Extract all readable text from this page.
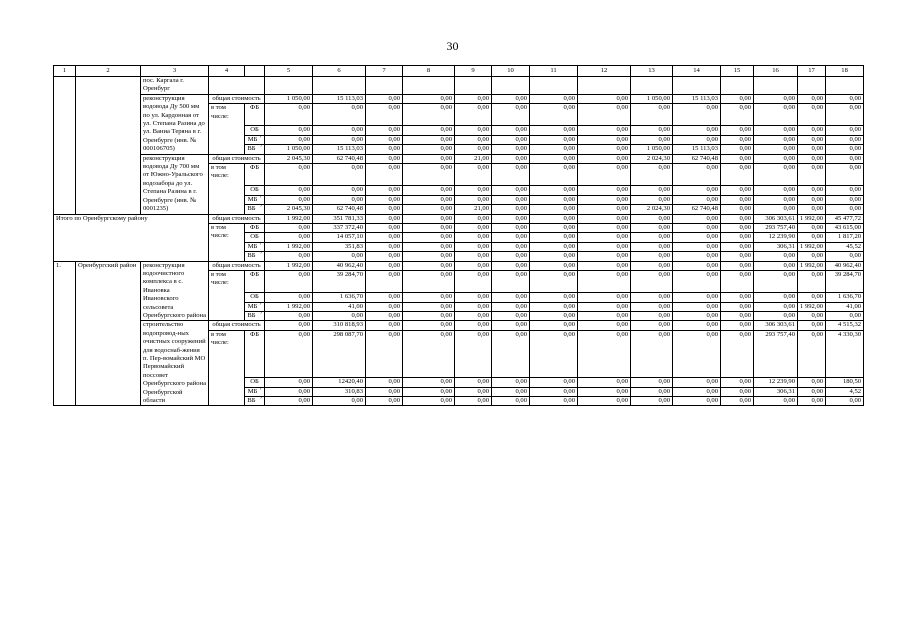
30
1	2	3	4		5	6	7	8	9	10	11	12	13	14	15	16	17	18
		пос. Каргала г. Оренбург																
		реконструкция водовода Ду 500 мм по ул. Кардонная от ул. Степана Разина до ул. Ваниа Теряна в г. Оренбурге (инв. № 000106705)	общая стоимость		1 050,00	15 113,03	0,00	0,00	0,00	0,00	0,00	0,00	1 050,00	15 113,03	0,00	0,00	0,00	0,00
			в том числе:	ФБ	0,00	0,00	0,00	0,00	0,00	0,00	0,00	0,00	0,00	0,00	0,00	0,00	0,00	0,00
				ОБ	0,00	0,00	0,00	0,00	0,00	0,00	0,00	0,00	0,00	0,00	0,00	0,00	0,00	0,00
				МБ*)	0,00	0,00	0,00	0,00	0,00	0,00	0,00	0,00	0,00	0,00	0,00	0,00	0,00	0,00
				ВБ**)	1 050,00	15 113,03	0,00	0,00	0,00	0,00	0,00	0,00	1 050,00	15 113,03	0,00	0,00	0,00	0,00
		реконструкция водовода Ду 700 мм от Южно-Уральского водозабора до ул. Степана Разина в г. Оренбурге (инв. № 0001235)	общая стоимость		2 045,30	62 740,48	0,00	0,00	21,00	0,00	0,00	0,00	2 024,30	62 740,48	0,00	0,00	0,00	0,00
			в том числе:	ФБ	0,00	0,00	0,00	0,00	0,00	0,00	0,00	0,00	0,00	0,00	0,00	0,00	0,00	0,00
				ОБ	0,00	0,00	0,00	0,00	0,00	0,00	0,00	0,00	0,00	0,00	0,00	0,00	0,00	0,00
				МБ*)	0,00	0,00	0,00	0,00	0,00	0,00	0,00	0,00	0,00	0,00	0,00	0,00	0,00	0,00
				ВБ**)	2 045,30	62 740,48	0,00	0,00	21,00	0,00	0,00	0,00	2 024,30	62 740,48	0,00	0,00	0,00	0,00
Итого по Оренбургскому району			общая стоимость		1 992,00	351 781,33	0,00	0,00	0,00	0,00	0,00	0,00	0,00	0,00	0,00	306 303,61	1 992,00	45 477,72
			в том числе:	ФБ	0,00	337 372,40	0,00	0,00	0,00	0,00	0,00	0,00	0,00	0,00	0,00	293 757,40	0,00	43 615,00
				ОБ	0,00	14 057,10	0,00	0,00	0,00	0,00	0,00	0,00	0,00	0,00	0,00	12 239,90	0,00	1 817,20
				МБ*)	1 992,00	351,83	0,00	0,00	0,00	0,00	0,00	0,00	0,00	0,00	0,00	306,31	1 992,00	45,52
				ВБ**)	0,00	0,00	0,00	0,00	0,00	0,00	0,00	0,00	0,00	0,00	0,00	0,00	0,00	0,00
1.	Оренбургский район	реконструкция водоочистного комплекса в с. Ивановка Ивановского сельсовета Оренбургского района	общая стоимость		1 992,00	40 962,40	0,00	0,00	0,00	0,00	0,00	0,00	0,00	0,00	0,00	0,00	1 992,00	40 962,40
			в том числе:	ФБ	0,00	39 284,70	0,00	0,00	0,00	0,00	0,00	0,00	0,00	0,00	0,00	0,00	0,00	39 284,70
				ОБ	0,00	1 636,70	0,00	0,00	0,00	0,00	0,00	0,00	0,00	0,00	0,00	0,00	0,00	1 636,70
				МБ*)	1 992,00	41,00	0,00	0,00	0,00	0,00	0,00	0,00	0,00	0,00	0,00	0,00	1 992,00	41,00
				ВБ**)	0,00	0,00	0,00	0,00	0,00	0,00	0,00	0,00	0,00	0,00	0,00	0,00	0,00	0,00
		строительство водопровод-ных очистных сооружений для водоснаб-жения п. Пер-вомайский МО Первомайский поссовет Оренбургского района Оренбургской области	общая стоимость		0,00	310 818,93	0,00	0,00	0,00	0,00	0,00	0,00	0,00	0,00	0,00	306 303,61	0,00	4 515,32
			в том числе:	ФБ	0,00	298 087,70	0,00	0,00	0,00	0,00	0,00	0,00	0,00	0,00	0,00	293 757,40	0,00	4 330,30
				ОБ	0,00	12420,40	0,00	0,00	0,00	0,00	0,00	0,00	0,00	0,00	0,00	12 239,90	0,00	180,50
				МБ*)	0,00	310,83	0,00	0,00	0,00	0,00	0,00	0,00	0,00	0,00	0,00	306,31	0,00	4,52
				ВБ**)	0,00	0,00	0,00	0,00	0,00	0,00	0,00	0,00	0,00	0,00	0,00	0,00	0,00	0,00
